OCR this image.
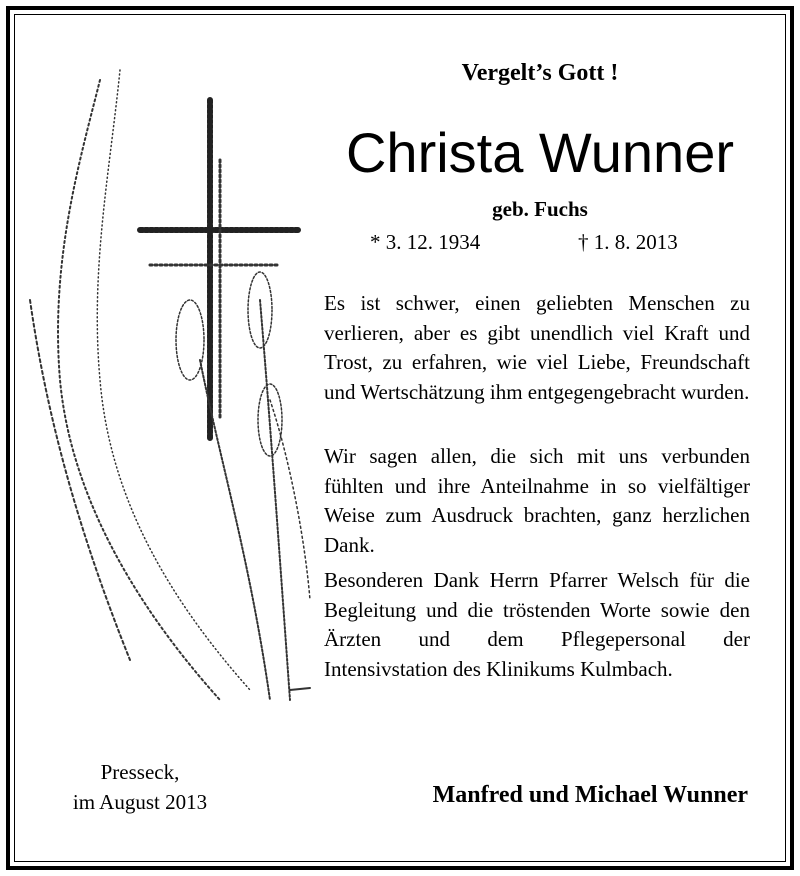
Vergelt’s Gott !
Christa Wunner
geb. Fuchs
* 3. 12. 1934	† 1. 8. 2013
Es ist schwer, einen geliebten Menschen zu verlieren, aber es gibt unendlich viel Kraft und Trost, zu erfahren, wie viel Liebe, Freundschaft und Wertschätzung ihm entgegengebracht wurden.
Wir sagen allen, die sich mit uns verbunden fühlten und ihre Anteilnahme in so vielfältiger Weise zum Ausdruck brachten, ganz herzlichen Dank.
Besonderen Dank Herrn Pfarrer Welsch für die Begleitung und die tröstenden Worte sowie den Ärzten und dem Pflegepersonal der Intensivstation des Klinikums Kulmbach.
Presseck,
im August 2013	Manfred und Michael Wunner
